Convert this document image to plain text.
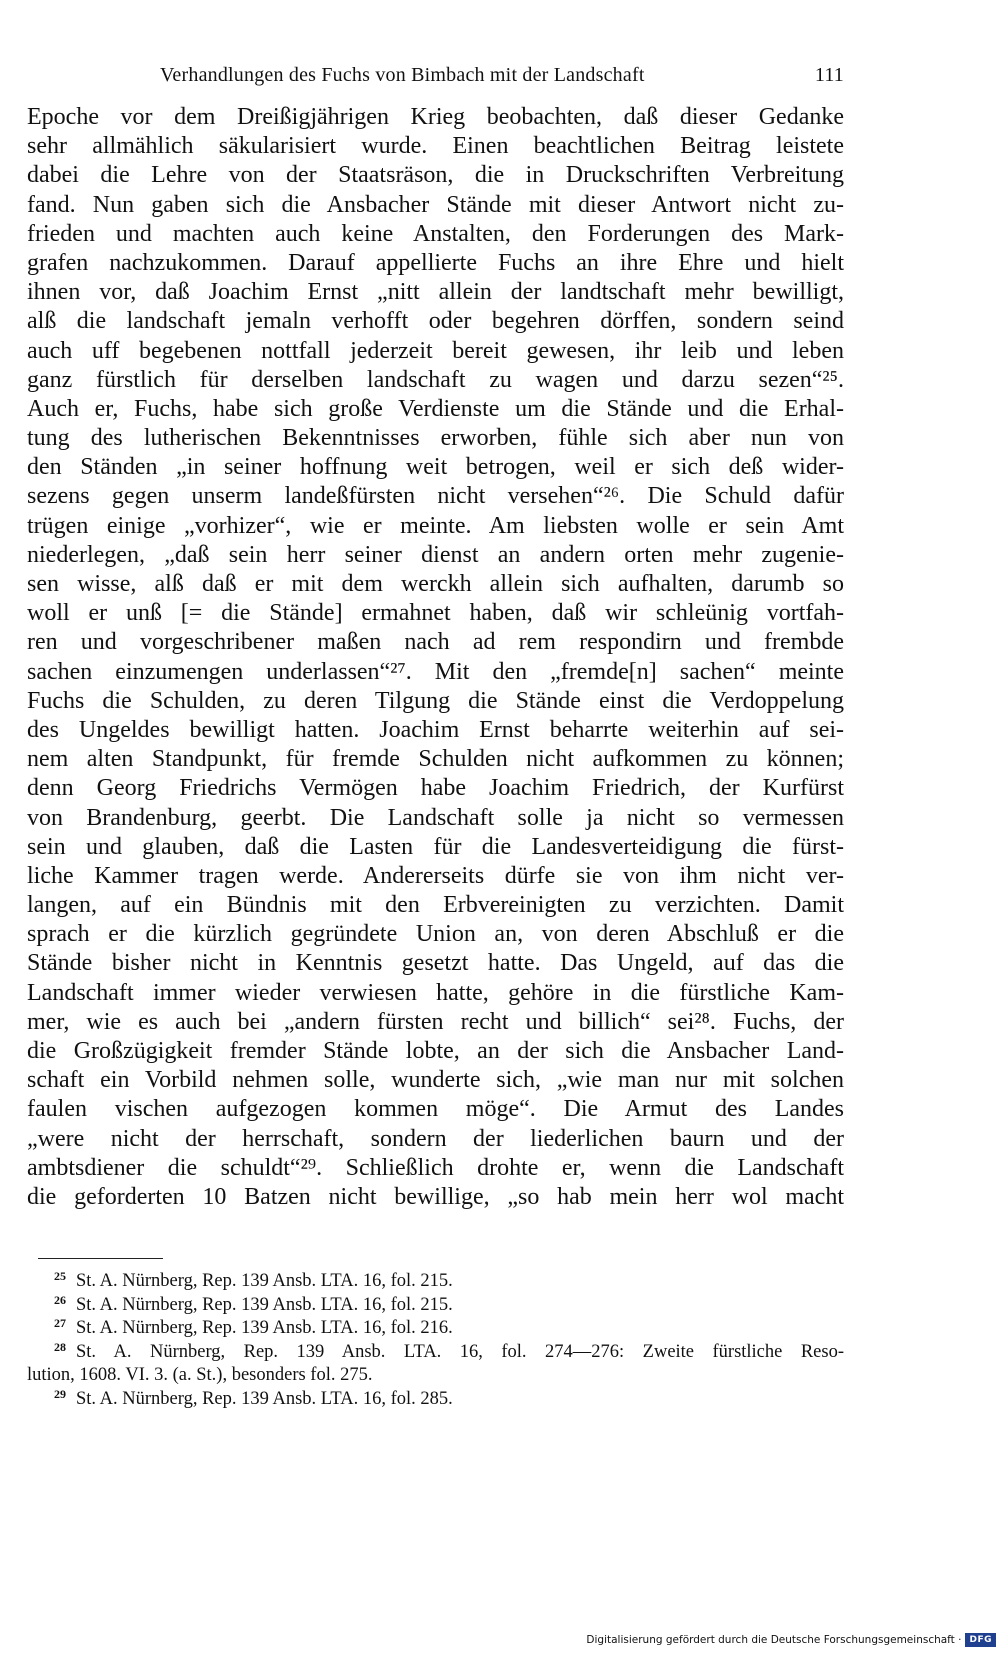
Verhandlungen des Fuchs von Bimbach mit der Landschaft	111
Epoche vor dem Dreißigjährigen Krieg beobachten, daß dieser Gedanke
sehr allmählich säkularisiert wurde. Einen beachtlichen Beitrag leistete
dabei die Lehre von der Staatsräson, die in Druckschriften Verbreitung
fand. Nun gaben sich die Ansbacher Stände mit dieser Antwort nicht zu-
frieden und machten auch keine Anstalten, den Forderungen des Mark-
grafen nachzukommen. Darauf appellierte Fuchs an ihre Ehre und hielt
ihnen vor, daß Joachim Ernst „nitt allein der landtschaft mehr bewilligt,
alß die landschaft jemaln verhofft oder begehren dörffen, sondern seind
auch uff begebenen nottfall jederzeit bereit gewesen, ihr leib und leben
ganz fürstlich für derselben landschaft zu wagen und darzu sezen“²⁵.
Auch er, Fuchs, habe sich große Verdienste um die Stände und die Erhal-
tung des lutherischen Bekenntnisses erworben, fühle sich aber nun von
den Ständen „in seiner hoffnung weit betrogen, weil er sich deß wider-
sezens gegen unserm landeßfürsten nicht versehen“²⁶. Die Schuld dafür
trügen einige „vorhizer“, wie er meinte. Am liebsten wolle er sein Amt
niederlegen, „daß sein herr seiner dienst an andern orten mehr zugenie-
sen wisse, alß daß er mit dem werckh allein sich aufhalten, darumb so
woll er unß [= die Stände] ermahnet haben, daß wir schleünig vortfah-
ren und vorgeschribener maßen nach ad rem respondirn und frembde
sachen einzumengen underlassen“²⁷. Mit den „fremde[n] sachen“ meinte
Fuchs die Schulden, zu deren Tilgung die Stände einst die Verdoppelung
des Ungeldes bewilligt hatten. Joachim Ernst beharrte weiterhin auf sei-
nem alten Standpunkt, für fremde Schulden nicht aufkommen zu können;
denn Georg Friedrichs Vermögen habe Joachim Friedrich, der Kurfürst
von Brandenburg, geerbt. Die Landschaft solle ja nicht so vermessen
sein und glauben, daß die Lasten für die Landesverteidigung die fürst-
liche Kammer tragen werde. Andererseits dürfe sie von ihm nicht ver-
langen, auf ein Bündnis mit den Erbvereinigten zu verzichten. Damit
sprach er die kürzlich gegründete Union an, von deren Abschluß er die
Stände bisher nicht in Kenntnis gesetzt hatte. Das Ungeld, auf das die
Landschaft immer wieder verwiesen hatte, gehöre in die fürstliche Kam-
mer, wie es auch bei „andern fürsten recht und billich“ sei²⁸. Fuchs, der
die Großzügigkeit fremder Stände lobte, an der sich die Ansbacher Land-
schaft ein Vorbild nehmen solle, wunderte sich, „wie man nur mit solchen
faulen vischen aufgezogen kommen möge“. Die Armut des Landes
„were nicht der herrschaft, sondern der liederlichen baurn und der
ambtsdiener die schuldt“²⁹. Schließlich drohte er, wenn die Landschaft
die geforderten 10 Batzen nicht bewillige, „so hab mein herr wol macht
$^{25}$ St. A. Nürnberg, Rep. 139 Ansb. LTA. 16, fol. 215.
$^{26}$ St. A. Nürnberg, Rep. 139 Ansb. LTA. 16, fol. 215.
$^{27}$ St. A. Nürnberg, Rep. 139 Ansb. LTA. 16, fol. 216.
$^{28}$ St. A. Nürnberg, Rep. 139 Ansb. LTA. 16, fol. 274—276: Zweite fürstliche Reso-
lution, 1608. VI. 3. (a. St.), besonders fol. 275.
$^{29}$ St. A. Nürnberg, Rep. 139 Ansb. LTA. 16, fol. 285.
Digitalisierung gefördert durch die Deutsche Forschungsgemeinschaft · DFG
